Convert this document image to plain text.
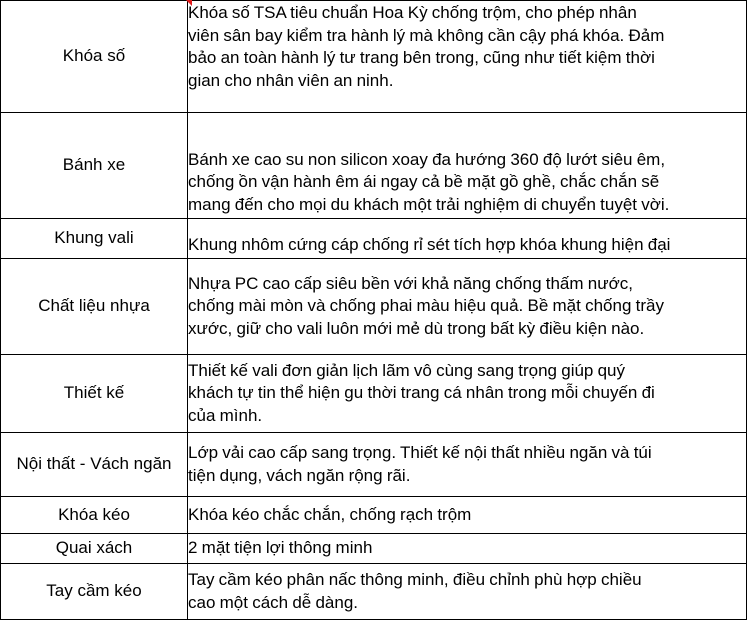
Khóa số	Khóa số TSA tiêu chuẩn Hoa Kỳ chống trộm, cho phép nhân
viên sân bay kiểm tra hành lý mà không cần cậy phá khóa. Đảm
bảo an toàn hành lý tư trang bên trong, cũng như tiết kiệm thời
gian cho nhân viên an ninh.
Bánh xe	Bánh xe cao su non silicon xoay đa hướng 360 độ lướt siêu êm,
chống ồn vận hành êm ái ngay cả bề mặt gồ ghề, chắc chắn sẽ
mang đến cho mọi du khách một trải nghiệm di chuyển tuyệt vời.
Khung vali	Khung nhôm cứng cáp chống rỉ sét tích hợp khóa khung hiện đại
Chất liệu nhựa	Nhựa PC cao cấp siêu bền với khả năng chống thấm nước,
chống mài mòn và chống phai màu hiệu quả. Bề mặt chống trầy
xước, giữ cho vali luôn mới mẻ dù trong bất kỳ điều kiện nào.
Thiết kế	Thiết kế vali đơn giản lịch lãm vô cùng sang trọng giúp quý
khách tự tin thể hiện gu thời trang cá nhân trong mỗi chuyến đi
của mình.
Nội thất - Vách ngăn	Lớp vải cao cấp sang trọng. Thiết kế nội thất nhiều ngăn và túi
tiện dụng, vách ngăn rộng rãi.
Khóa kéo	Khóa kéo chắc chắn, chống rạch trộm
Quai xách	2 mặt tiện lợi thông minh
Tay cầm kéo	Tay cầm kéo phân nấc thông minh, điều chỉnh phù hợp chiều
cao một cách dễ dàng.
